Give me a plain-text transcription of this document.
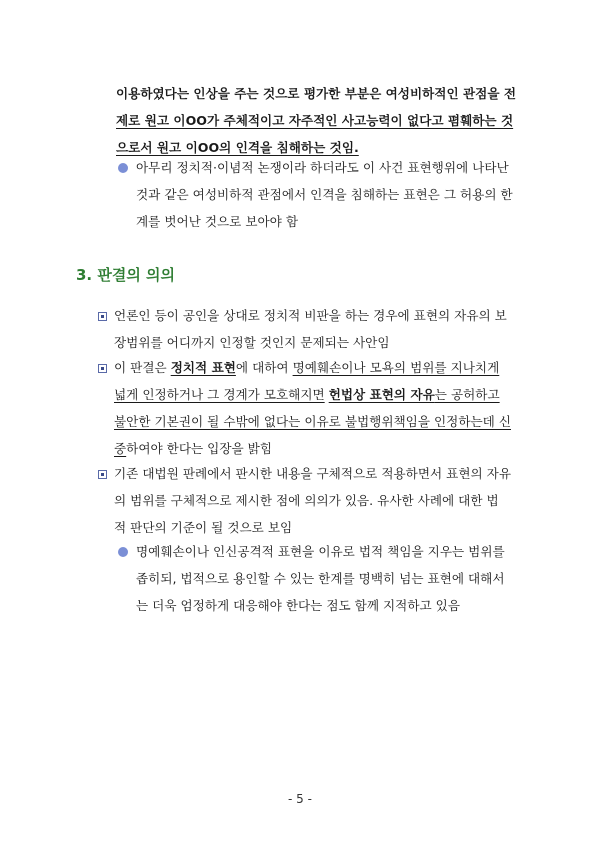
이용하였다는 인상을 주는 것으로 평가한 부분은 여성비하적인 관점을 전
제로 원고 이OO가 주체적이고 자주적인 사고능력이 없다고 폄훼하는 것
으로서 원고 이OO의 인격을 침해하는 것임.
아무리 정치적·이념적 논쟁이라 하더라도 이 사건 표현행위에 나타난
것과 같은 여성비하적 관점에서 인격을 침해하는 표현은 그 허용의 한
계를 벗어난 것으로 보아야 함
3. 판결의 의의
언론인 등이 공인을 상대로 정치적 비판을 하는 경우에 표현의 자유의 보
장범위를 어디까지 인정할 것인지 문제되는 사안임
이 판결은
정치적 표현 에 대하여
명예훼손이나 모욕의 범위를 지나치게
넓게 인정하거나 그 경계가 모호해지면
헌법상 표현의 자유 는 공허하고
불안한 기본권이 될 수밖에 없다는 이유로 불법행위책임을 인정하는데 신
중 하여야 한다는 입장을 밝힘
기존 대법원 판례에서 판시한 내용을 구체적으로 적용하면서 표현의 자유
의 범위를 구체적으로 제시한 점에 의의가 있음. 유사한 사례에 대한 법
적 판단의 기준이 될 것으로 보임
명예훼손이나 인신공격적 표현을 이유로 법적 책임을 지우는 범위를
좁히되, 법적으로 용인할 수 있는 한계를 명백히 넘는 표현에 대해서
는 더욱 엄정하게 대응해야 한다는 점도 함께 지적하고 있음
- 5 -
